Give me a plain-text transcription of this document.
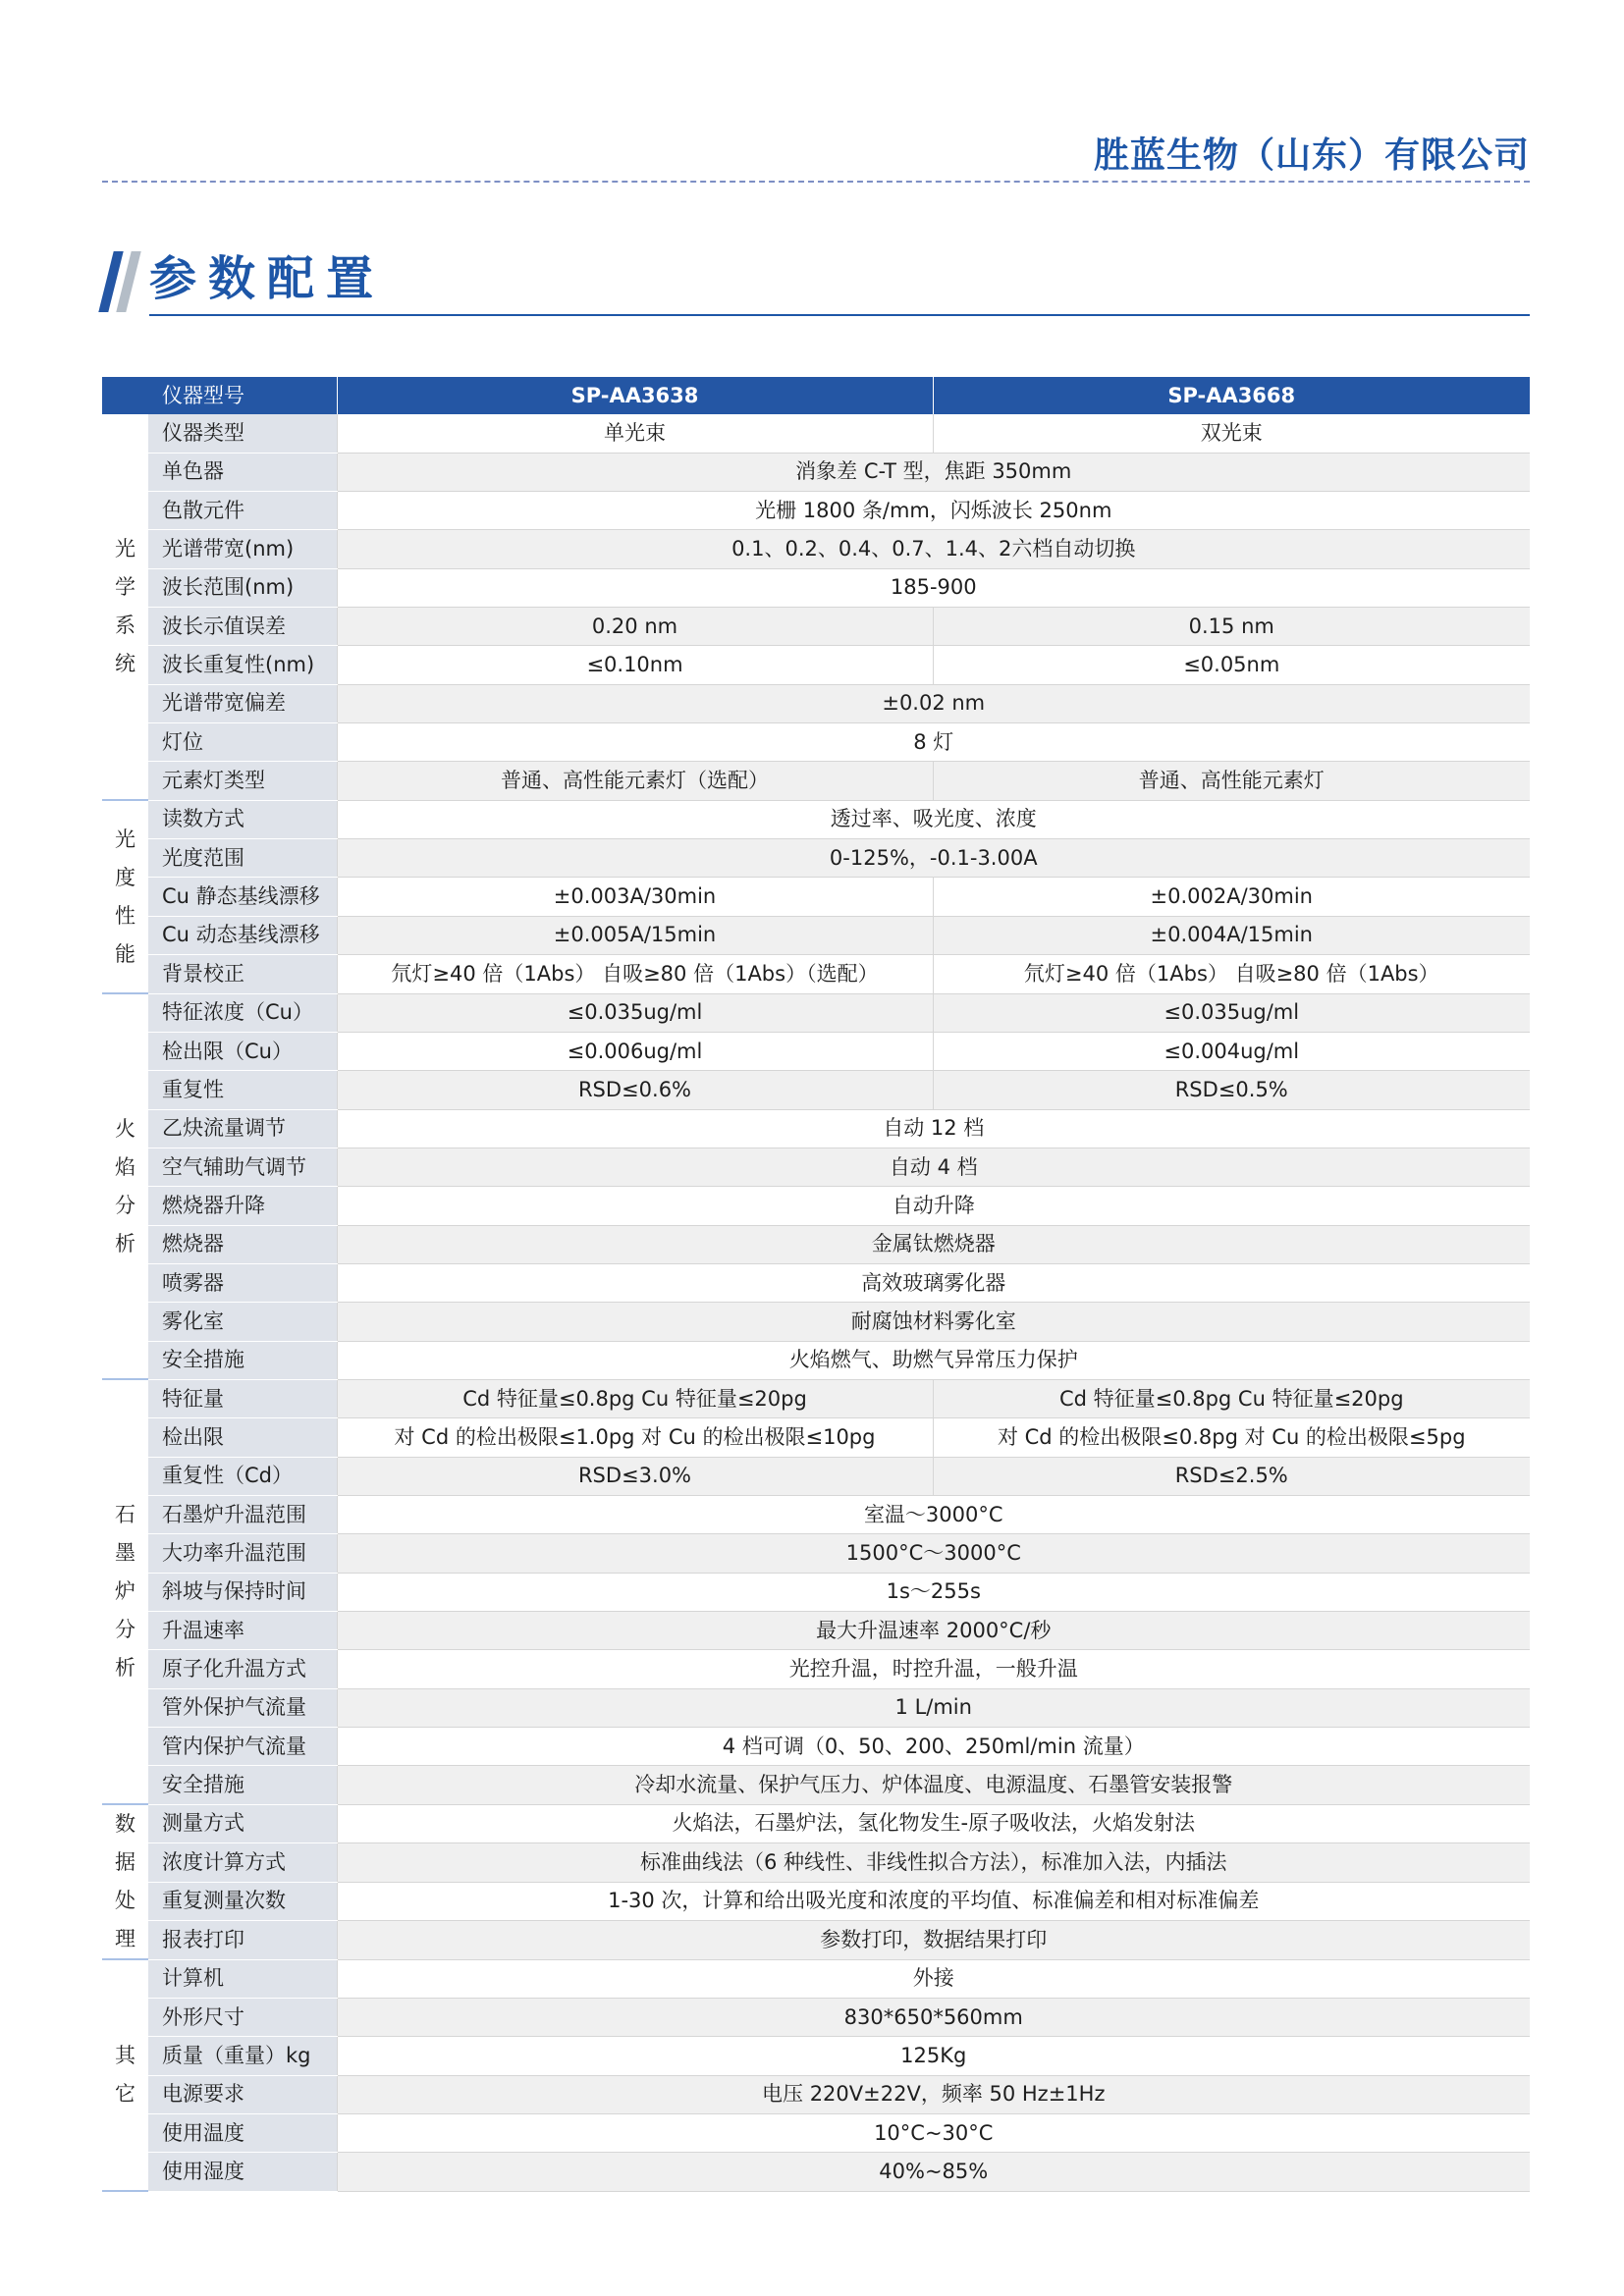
胜蓝生物（山东）有限公司
参数配置
	仪器型号	SP-AA3638	SP-AA3668
光
学
系
统	仪器类型	单光束	双光束
	单色器	消象差 C-T 型，焦距 350mm	
	色散元件	光栅 1800 条/mm，闪烁波长 250nm	
	光谱带宽(nm)	0.1、0.2、0.4、0.7、1.4、2六档自动切换	
	波长范围(nm)	185-900	
	波长示值误差	0.20 nm	0.15 nm
	波长重复性(nm)	≤0.10nm	≤0.05nm
	光谱带宽偏差	±0.02 nm	
	灯位	8 灯	
	元素灯类型	普通、高性能元素灯（选配）	普通、高性能元素灯
光
度
性
能	读数方式	透过率、吸光度、浓度	
	光度范围	0-125%，-0.1-3.00A	
	Cu 静态基线漂移	±0.003A/30min	±0.002A/30min
	Cu 动态基线漂移	±0.005A/15min	±0.004A/15min
	背景校正	氘灯≥40 倍（1Abs） 自吸≥80 倍（1Abs）（选配）	氘灯≥40 倍（1Abs） 自吸≥80 倍（1Abs）
火
焰
分
析	特征浓度（Cu）	≤0.035ug/ml	≤0.035ug/ml
	检出限（Cu）	≤0.006ug/ml	≤0.004ug/ml
	重复性	RSD≤0.6%	RSD≤0.5%
	乙炔流量调节	自动 12 档	
	空气辅助气调节	自动 4 档	
	燃烧器升降	自动升降	
	燃烧器	金属钛燃烧器	
	喷雾器	高效玻璃雾化器	
	雾化室	耐腐蚀材料雾化室	
	安全措施	火焰燃气、助燃气异常压力保护	
石
墨
炉
分
析	特征量	Cd 特征量≤0.8pg Cu 特征量≤20pg	Cd 特征量≤0.8pg Cu 特征量≤20pg
	检出限	对 Cd 的检出极限≤1.0pg 对 Cu 的检出极限≤10pg	对 Cd 的检出极限≤0.8pg 对 Cu 的检出极限≤5pg
	重复性（Cd）	RSD≤3.0%	RSD≤2.5%
	石墨炉升温范围	室温～3000°C	
	大功率升温范围	1500°C～3000°C	
	斜坡与保持时间	1s～255s	
	升温速率	最大升温速率 2000°C/秒	
	原子化升温方式	光控升温，时控升温，一般升温	
	管外保护气流量	1 L/min	
	管内保护气流量	4 档可调（0、50、200、250ml/min 流量）	
	安全措施	冷却水流量、保护气压力、炉体温度、电源温度、石墨管安装报警	
数
据
处
理	测量方式	火焰法，石墨炉法，氢化物发生-原子吸收法，火焰发射法	
	浓度计算方式	标准曲线法（6 种线性、非线性拟合方法），标准加入法，内插法	
	重复测量次数	1-30 次，计算和给出吸光度和浓度的平均值、标准偏差和相对标准偏差	
	报表打印	参数打印，数据结果打印	
其
它	计算机	外接	
	外形尺寸	830*650*560mm	
	质量（重量）kg	125Kg	
	电源要求	电压 220V±22V，频率 50 Hz±1Hz	
	使用温度	10°C~30°C	
	使用湿度	40%~85%	
